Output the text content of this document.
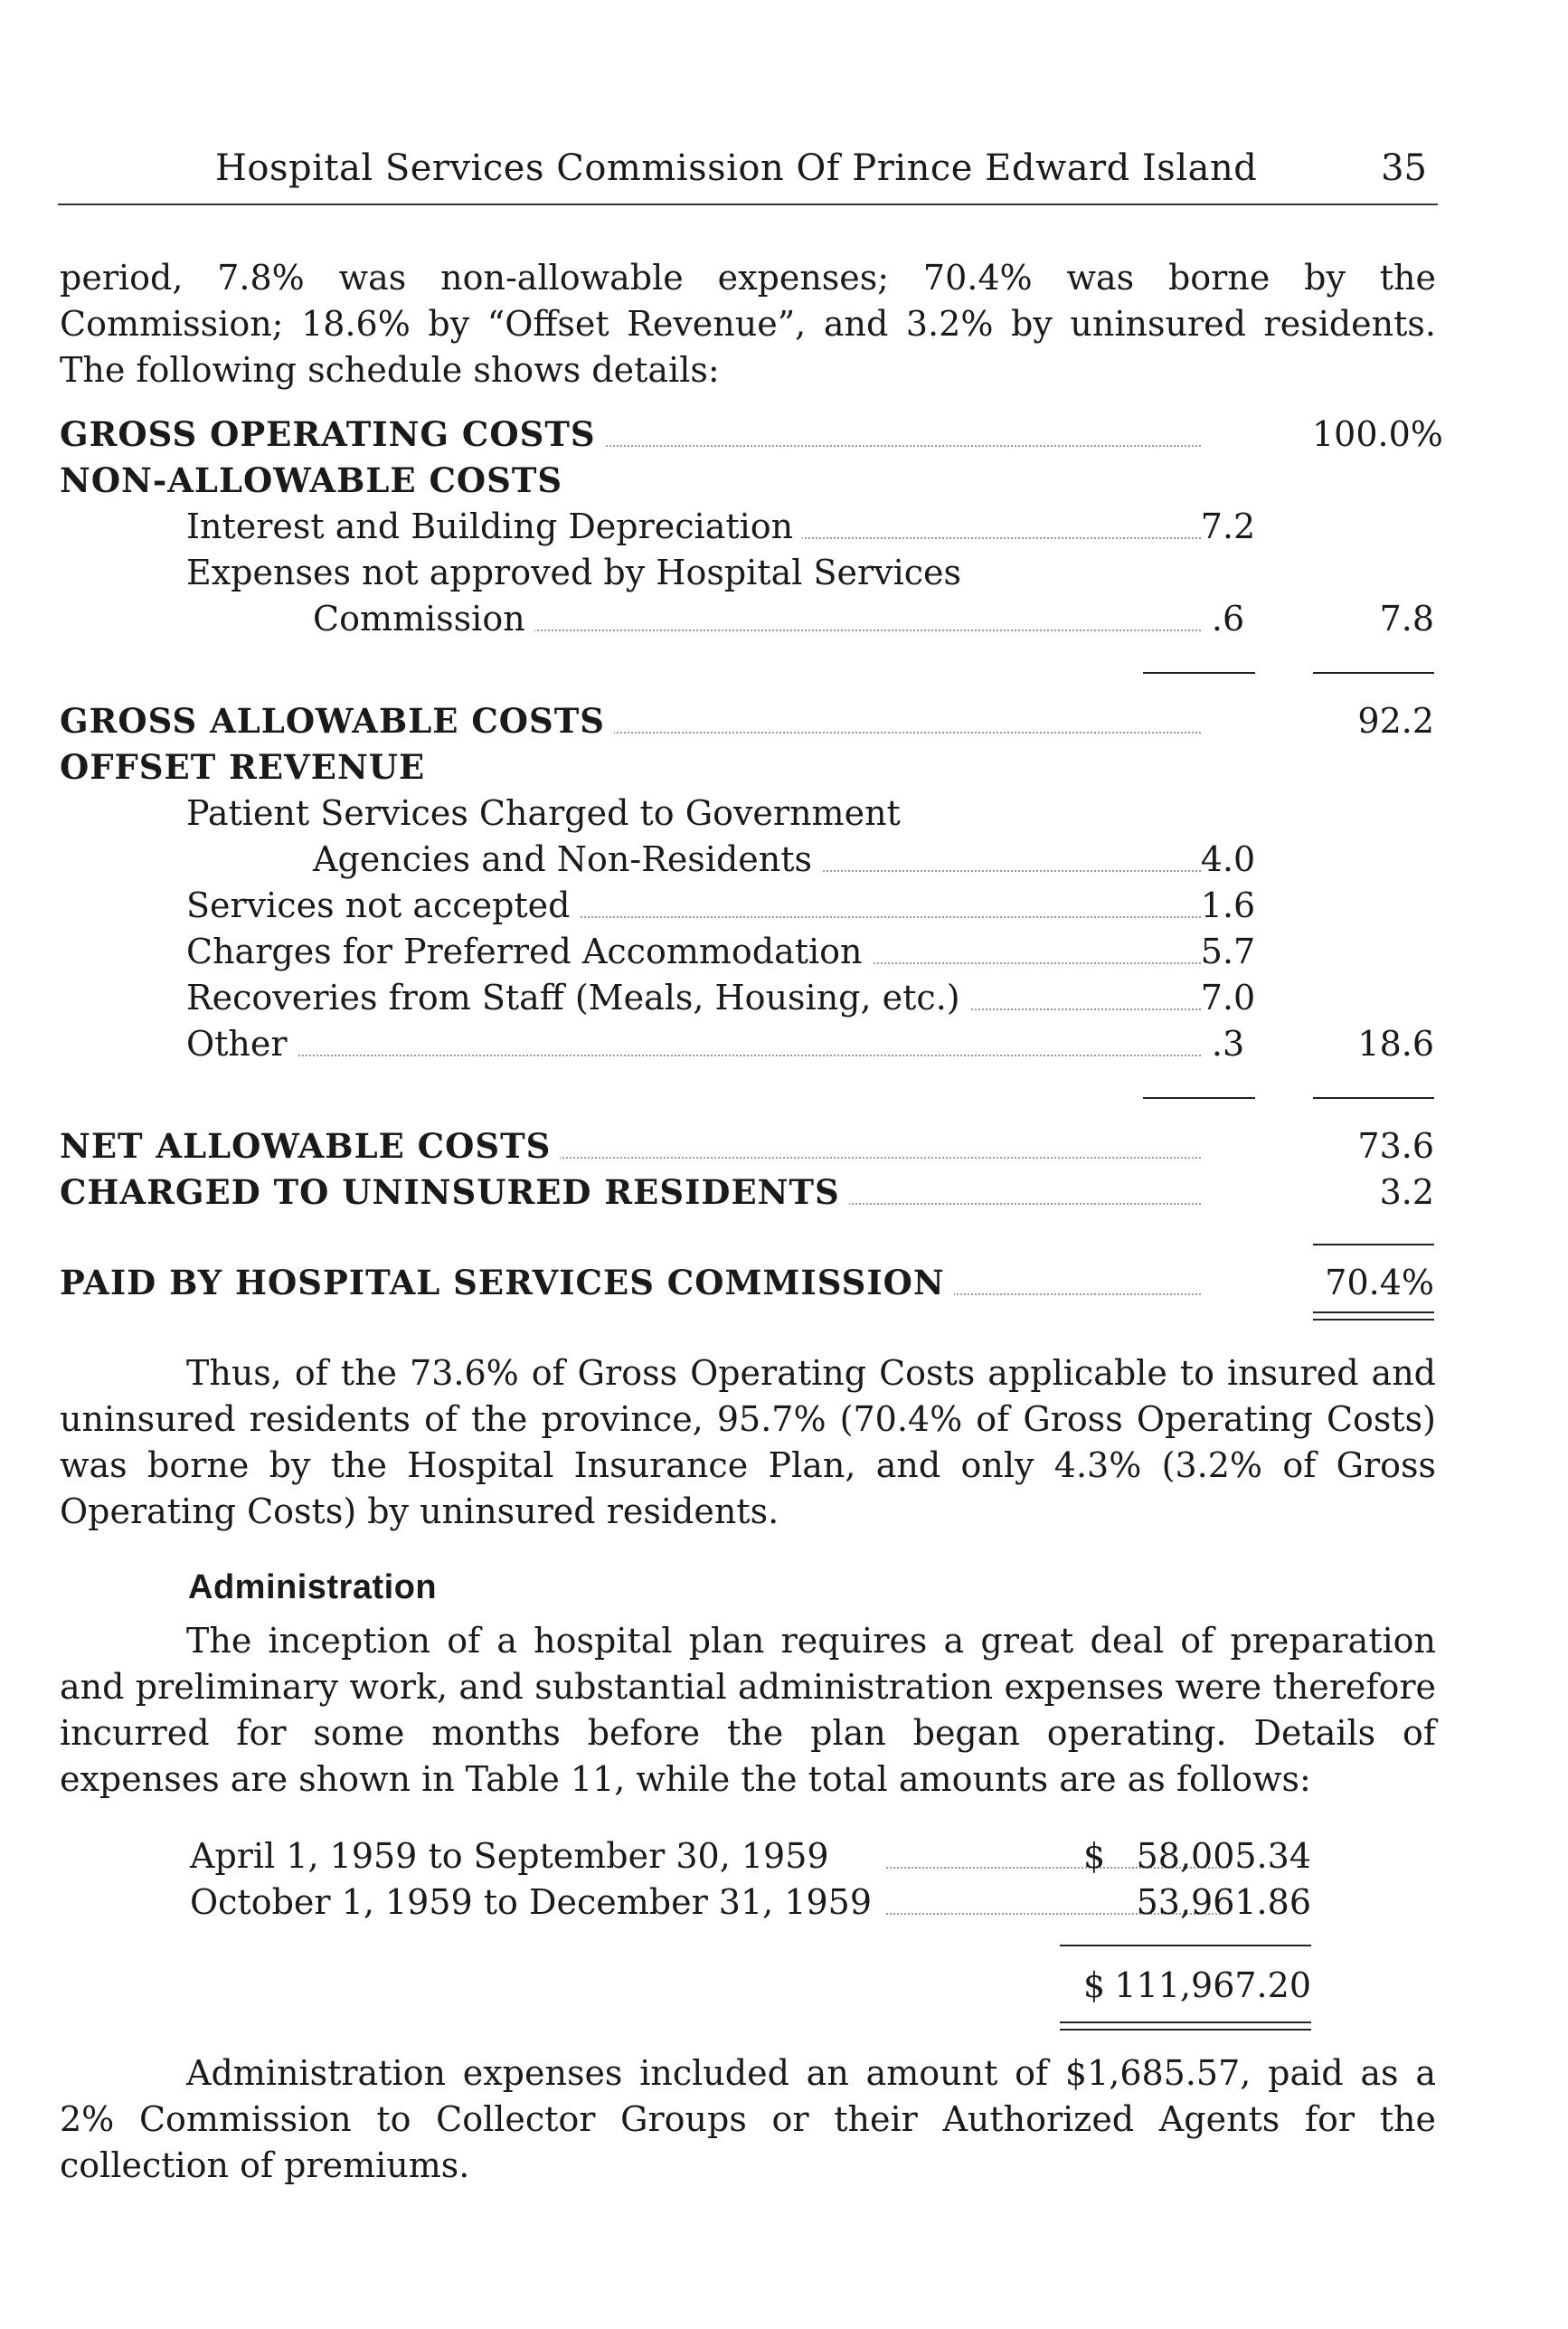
Hospital Services Commission Of Prince Edward Island	35

period, 7.8% was non-allowable expenses; 70.4% was borne by the Commission; 18.6% by “Offset Revenue”, and 3.2% by uninsured residents. The following schedule shows details:

GROSS OPERATING COSTS	100.0%
NON-ALLOWABLE COSTS
Interest and Building Depreciation	7.2
Expenses not approved by Hospital Services
Commission	.6	7.8
GROSS ALLOWABLE COSTS	92.2
OFFSET REVENUE
Patient Services Charged to Government
Agencies and Non-Residents	4.0
Services not accepted	1.6
Charges for Preferred Accommodation	5.7
Recoveries from Staff (Meals, Housing, etc.)	7.0
Other	.3	18.6
NET ALLOWABLE COSTS	73.6
CHARGED TO UNINSURED RESIDENTS	3.2
PAID BY HOSPITAL SERVICES COMMISSION	70.4%

Thus, of the 73.6% of Gross Operating Costs applicable to insured and uninsured residents of the province, 95.7% (70.4% of Gross Operating Costs) was borne by the Hospital Insurance Plan, and only 4.3% (3.2% of Gross Operating Costs) by uninsured residents.

Administration

The inception of a hospital plan requires a great deal of preparation and preliminary work, and substantial administration expenses were therefore incurred for some months before the plan began operating. Details of expenses are shown in Table 11, while the total amounts are as follows:

April 1, 1959 to September 30, 1959	$ 58,005.34
October 1, 1959 to December 31, 1959	53,961.86
$ 111,967.20

Administration expenses included an amount of $1,685.57, paid as a 2% Commission to Collector Groups or their Authorized Agents for the collection of premiums.
